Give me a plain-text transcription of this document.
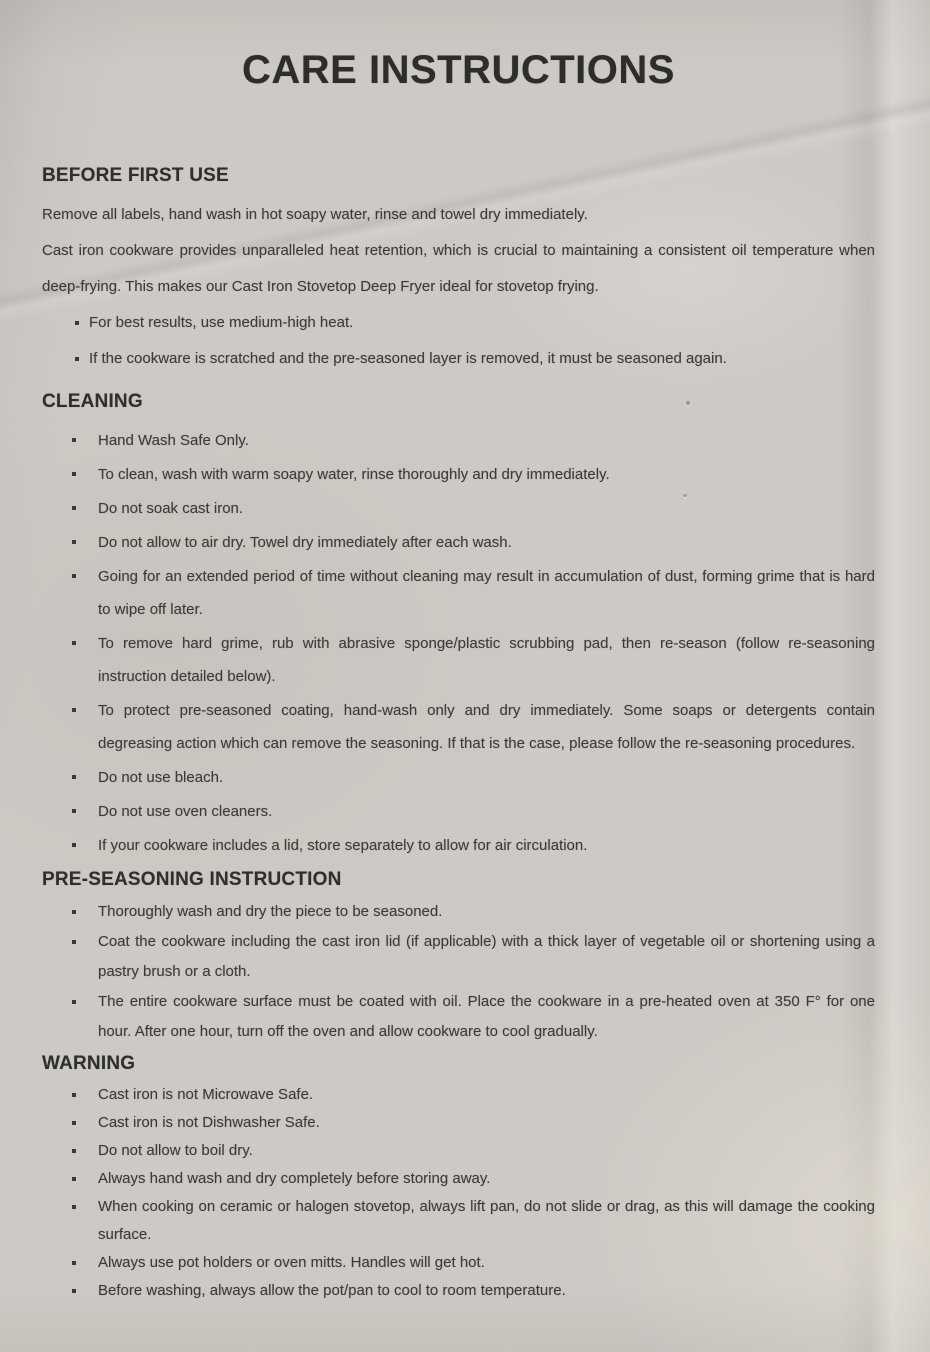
CARE INSTRUCTIONS
BEFORE FIRST USE

Remove all labels, hand wash in hot soapy water, rinse and towel dry immediately.

Cast iron cookware provides unparalleled heat retention, which is crucial to maintaining a consistent oil temperature when deep-frying. This makes our Cast Iron Stovetop Deep Fryer ideal for stovetop frying.

For best results, use medium-high heat.
If the cookware is scratched and the pre-seasoned layer is removed, it must be seasoned again.
CLEANING
Hand Wash Safe Only.
To clean, wash with warm soapy water, rinse thoroughly and dry immediately.
Do not soak cast iron.
Do not allow to air dry. Towel dry immediately after each wash.
Going for an extended period of time without cleaning may result in accumulation of dust, forming grime that is hard to wipe off later.
To remove hard grime, rub with abrasive sponge/plastic scrubbing pad, then re-season (follow re-seasoning instruction detailed below).
To protect pre-seasoned coating, hand-wash only and dry immediately. Some soaps or detergents contain degreasing action which can remove the seasoning. If that is the case, please follow the re-seasoning procedures.
Do not use bleach.
Do not use oven cleaners.
If your cookware includes a lid, store separately to allow for air circulation.
PRE-SEASONING INSTRUCTION
Thoroughly wash and dry the piece to be seasoned.
Coat the cookware including the cast iron lid (if applicable) with a thick layer of vegetable oil or shortening using a pastry brush or a cloth.
The entire cookware surface must be coated with oil. Place the cookware in a pre-heated oven at 350 F° for one hour. After one hour, turn off the oven and allow cookware to cool gradually.
WARNING
Cast iron is not Microwave Safe.
Cast iron is not Dishwasher Safe.
Do not allow to boil dry.
Always hand wash and dry completely before storing away.
When cooking on ceramic or halogen stovetop, always lift pan, do not slide or drag, as this will damage the cooking surface.
Always use pot holders or oven mitts. Handles will get hot.
Before washing, always allow the pot/pan to cool to room temperature.
